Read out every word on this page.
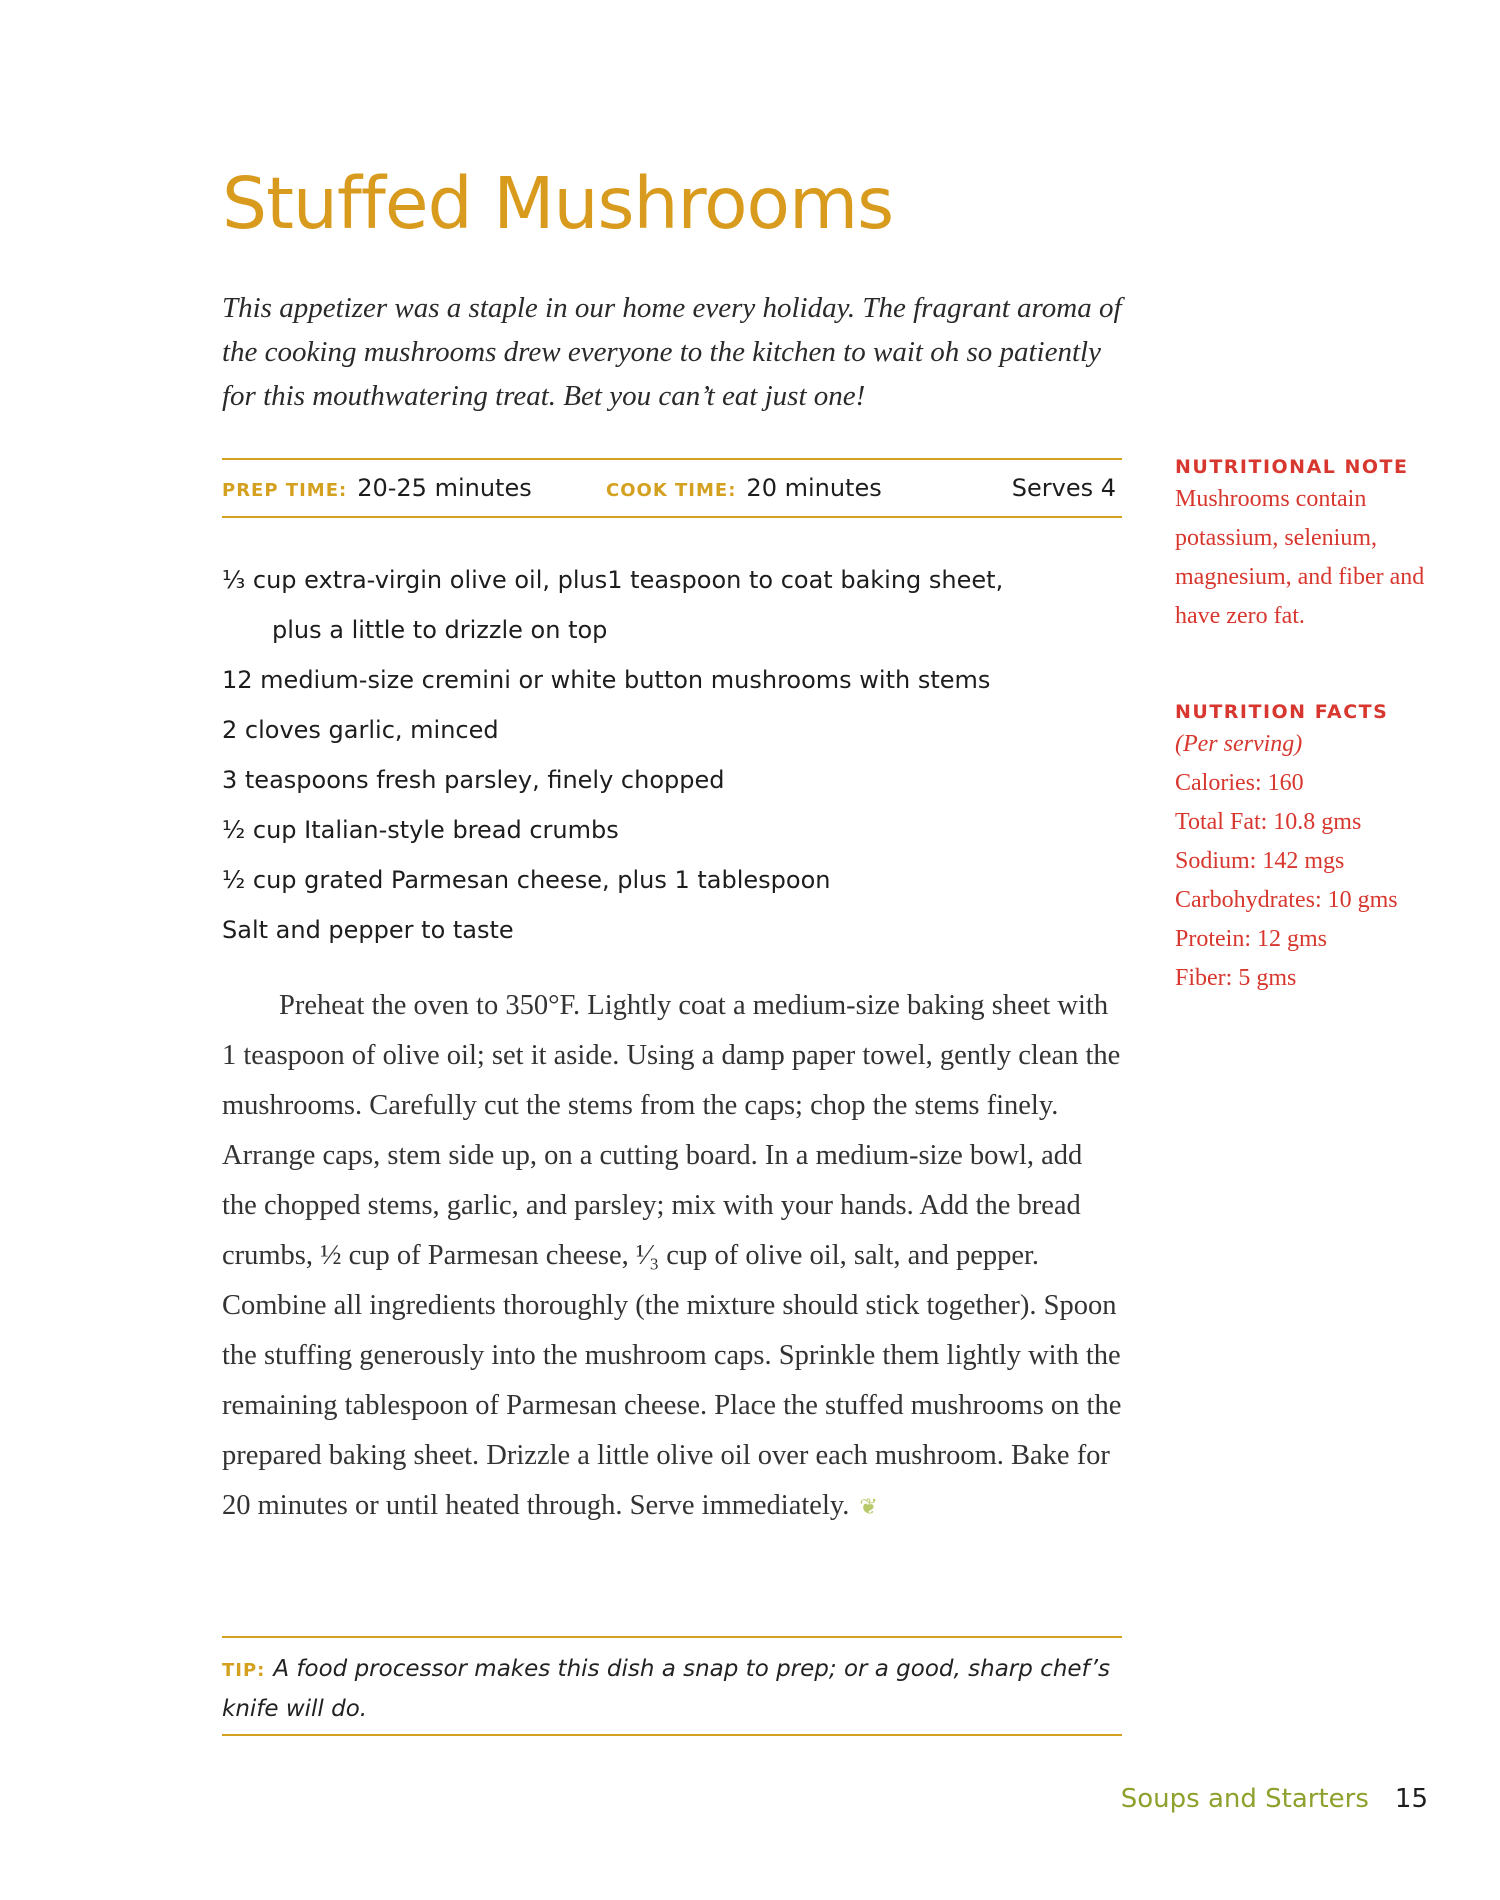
Stuffed Mushrooms

This appetizer was a staple in our home every holiday. The fragrant aroma of the cooking mushrooms drew everyone to the kitchen to wait oh so patiently for this mouthwatering treat. Bet you can’t eat just one!

PREP TIME: 20-25 minutes	COOK TIME: 20 minutes	Serves 4
¹⁄₃ cup extra-virgin olive oil, plus1 teaspoon to coat baking sheet,
plus a little to drizzle on top
12 medium-size cremini or white button mushrooms with stems
2 cloves garlic, minced
3 teaspoons fresh parsley, finely chopped
½ cup Italian-style bread crumbs
½ cup grated Parmesan cheese, plus 1 tablespoon
Salt and pepper to taste

Preheat the oven to 350°F. Lightly coat a medium-size baking sheet with 1 teaspoon of olive oil; set it aside. Using a damp paper towel, gently clean the mushrooms. Carefully cut the stems from the caps; chop the stems finely. Arrange caps, stem side up, on a cutting board. In a medium-size bowl, add the chopped stems, garlic, and parsley; mix with your hands. Add the bread crumbs, ½ cup of Parmesan cheese, ¹⁄₃ cup of olive oil, salt, and pepper. Combine all ingredients thoroughly (the mixture should stick together). Spoon the stuffing generously into the mushroom caps. Sprinkle them lightly with the remaining tablespoon of Parmesan cheese. Place the stuffed mushrooms on the prepared baking sheet. Drizzle a little olive oil over each mushroom. Bake for 20 minutes or until heated through. Serve immediately. ❦

TIP: A food processor makes this dish a snap to prep; or a good, sharp chef’s knife will do.
NUTRITIONAL NOTE

Mushrooms contain potassium, selenium, magnesium, and fiber and have zero fat.

NUTRITION FACTS
(Per serving)
Calories: 160
Total Fat: 10.8 gms
Sodium: 142 mgs
Carbohydrates: 10 gms
Protein: 12 gms
Fiber: 5 gms
Soups and Starters 15
